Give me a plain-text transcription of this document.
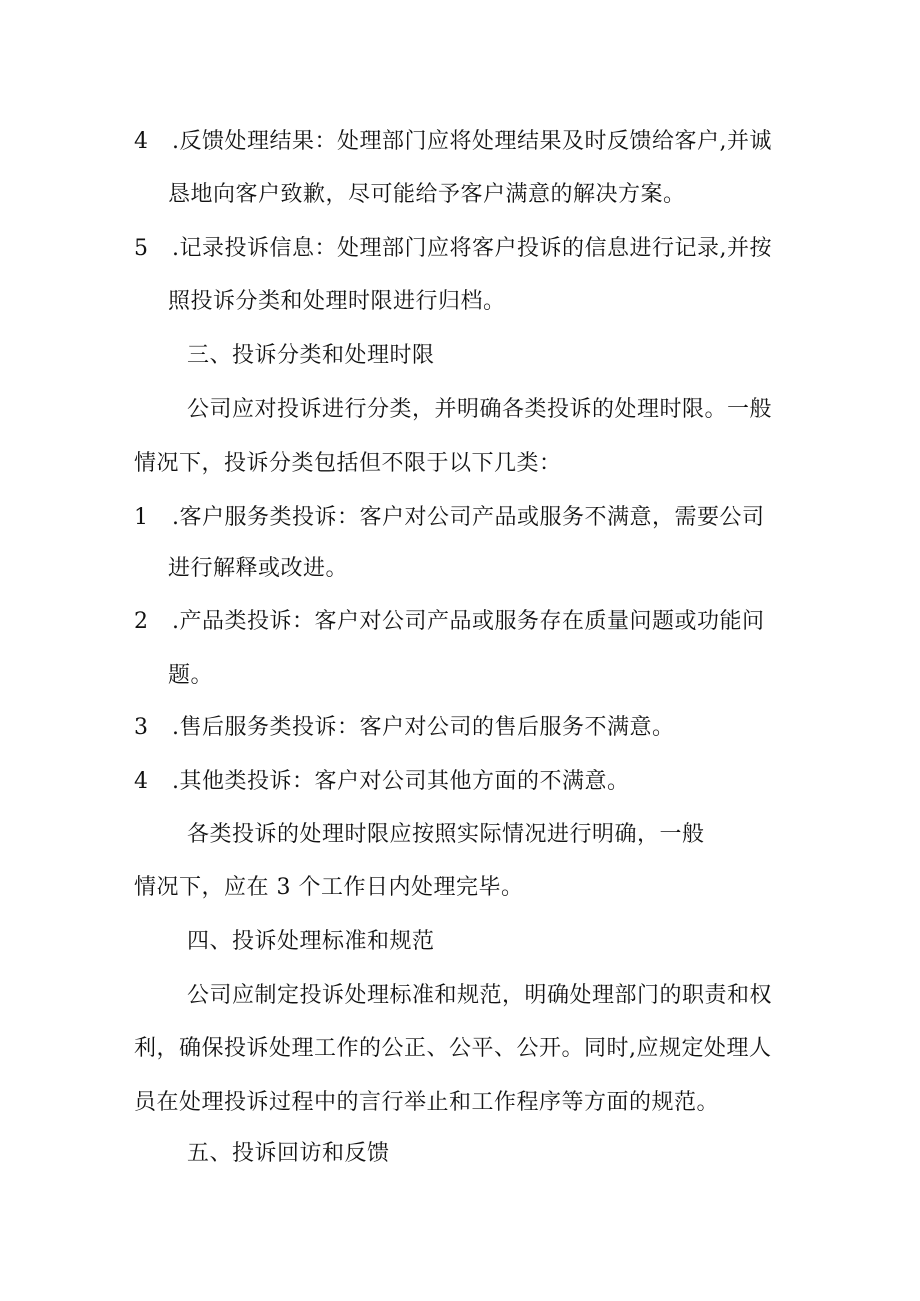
4 .反馈处理结果：处理部门应将处理结果及时反馈给客户,并诚
恳地向客户致歉，尽可能给予客户满意的解决方案。
5 .记录投诉信息：处理部门应将客户投诉的信息进行记录,并按
照投诉分类和处理时限进行归档。
三、投诉分类和处理时限
公司应对投诉进行分类，并明确各类投诉的处理时限。一般
情况下，投诉分类包括但不限于以下几类：
1 .客户服务类投诉：客户对公司产品或服务不满意，需要公司
进行解释或改进。
2 .产品类投诉：客户对公司产品或服务存在质量问题或功能问
题。
3 .售后服务类投诉：客户对公司的售后服务不满意。
4 .其他类投诉：客户对公司其他方面的不满意。
各类投诉的处理时限应按照实际情况进行明确，一般
情况下，应在 3 个工作日内处理完毕。
四、投诉处理标准和规范
公司应制定投诉处理标准和规范，明确处理部门的职责和权
利，确保投诉处理工作的公正、公平、公开。同时,应规定处理人
员在处理投诉过程中的言行举止和工作程序等方面的规范。
五、投诉回访和反馈
